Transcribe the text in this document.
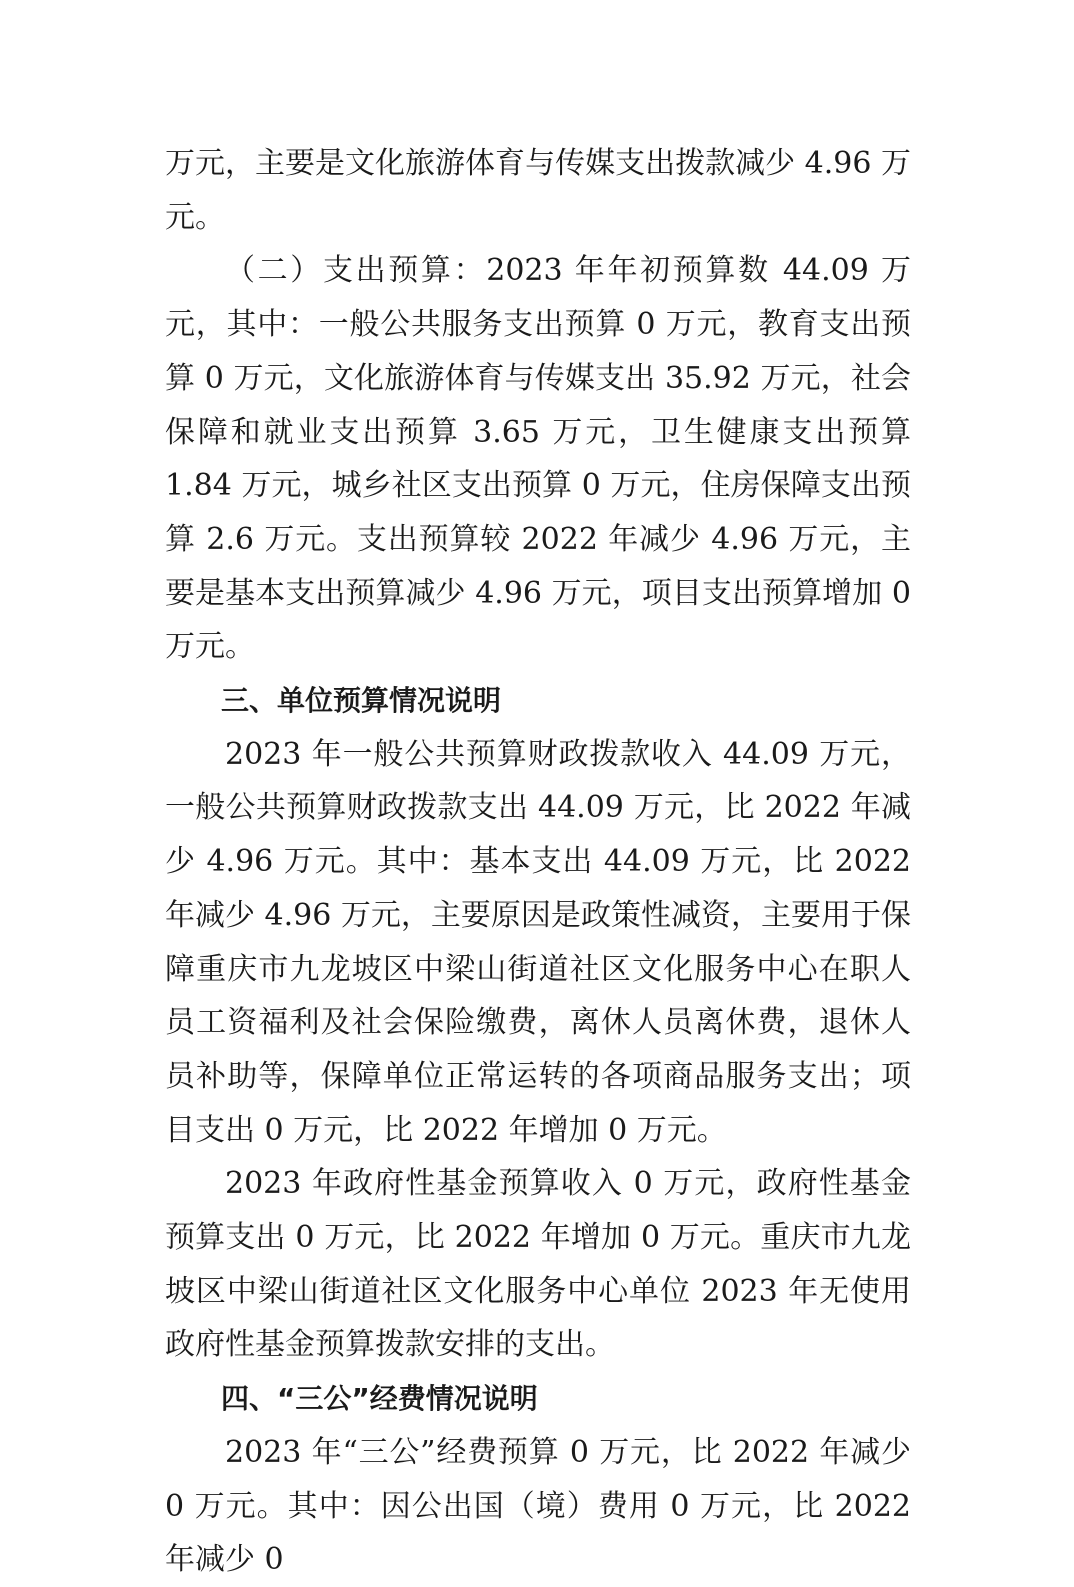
万元，主要是文化旅游体育与传媒支出拨款减少 4.96 万元。

（二）支出预算：2023 年年初预算数 44.09 万元，其中：一般公共服务支出预算 0 万元，教育支出预算 0 万元，文化旅游体育与传媒支出 35.92 万元，社会保障和就业支出预算 3.65 万元，卫生健康支出预算 1.84 万元，城乡社区支出预算 0 万元，住房保障支出预算 2.6 万元。支出预算较 2022 年减少 4.96 万元，主要是基本支出预算减少 4.96 万元，项目支出预算增加 0 万元。

三、单位预算情况说明

2023 年一般公共预算财政拨款收入 44.09 万元，一般公共预算财政拨款支出 44.09 万元，比 2022 年减少 4.96 万元。其中：基本支出 44.09 万元，比 2022 年减少 4.96 万元，主要原因是政策性减资，主要用于保障重庆市九龙坡区中梁山街道社区文化服务中心在职人员工资福利及社会保险缴费，离休人员离休费，退休人员补助等，保障单位正常运转的各项商品服务支出；项目支出 0 万元，比 2022 年增加 0 万元。

2023 年政府性基金预算收入 0 万元，政府性基金预算支出 0 万元，比 2022 年增加 0 万元。重庆市九龙坡区中梁山街道社区文化服务中心单位 2023 年无使用政府性基金预算拨款安排的支出。

四、“三公”经费情况说明

2023 年“三公”经费预算 0 万元，比 2022 年减少 0 万元。其中：因公出国（境）费用 0 万元，比 2022 年减少 0
